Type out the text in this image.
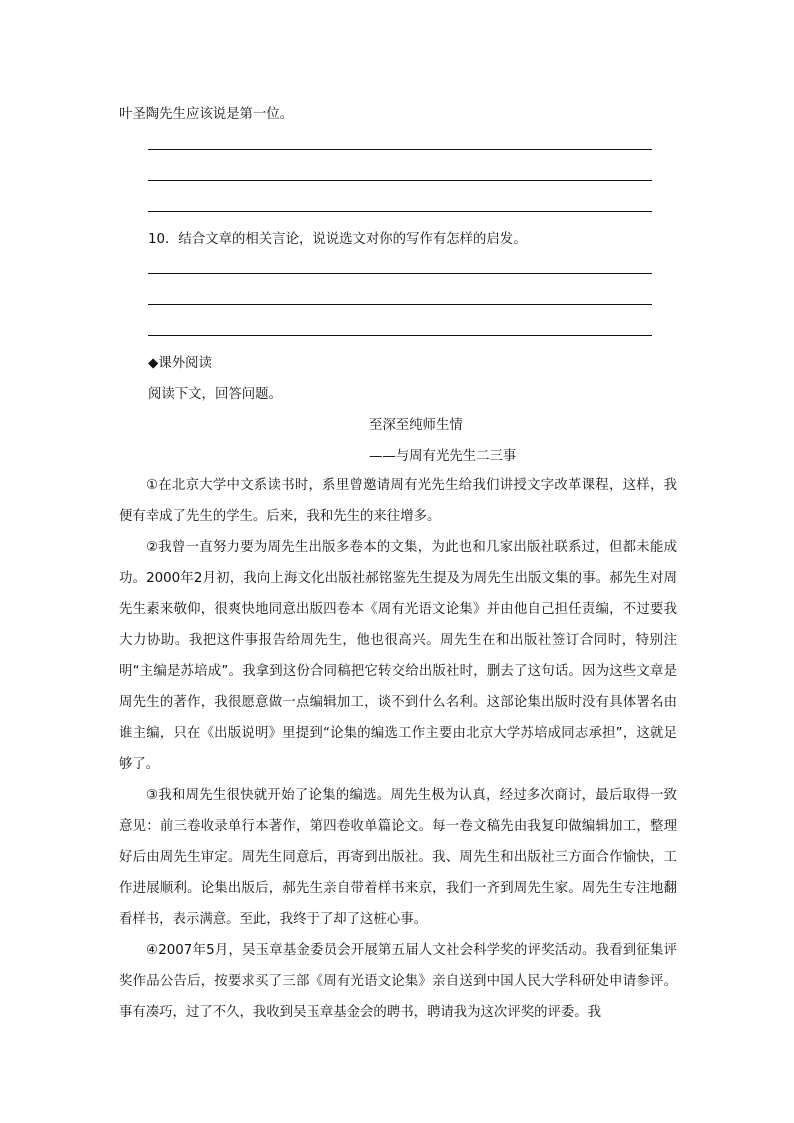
叶圣陶先生应该说是第一位。
10．结合文章的相关言论，说说选文对你的写作有怎样的启发。
◆课外阅读
阅读下文，回答问题。
至深至纯师生情
——与周有光先生二三事
①在北京大学中文系读书时，系里曾邀请周有光先生给我们讲授文字改革课程，这样，我便有幸成了先生的学生。后来，我和先生的来往增多。
②我曾一直努力要为周先生出版多卷本的文集，为此也和几家出版社联系过，但都未能成功。2000年2月初，我向上海文化出版社郝铭鉴先生提及为周先生出版文集的事。郝先生对周先生素来敬仰，很爽快地同意出版四卷本《周有光语文论集》并由他自己担任责编，不过要我大力协助。我把这件事报告给周先生，他也很高兴。周先生在和出版社签订合同时，特别注明“主编是苏培成”。我拿到这份合同稿把它转交给出版社时，删去了这句话。因为这些文章是周先生的著作，我很愿意做一点编辑加工，谈不到什么名利。这部论集出版时没有具体署名由谁主编，只在《出版说明》里提到“论集的编选工作主要由北京大学苏培成同志承担”，这就足够了。
③我和周先生很快就开始了论集的编选。周先生极为认真，经过多次商讨，最后取得一致意见：前三卷收录单行本著作，第四卷收单篇论文。每一卷文稿先由我复印做编辑加工，整理好后由周先生审定。周先生同意后，再寄到出版社。我、周先生和出版社三方面合作愉快，工作进展顺利。论集出版后，郝先生亲自带着样书来京，我们一齐到周先生家。周先生专注地翻看样书，表示满意。至此，我终于了却了这桩心事。
④2007年5月，吴玉章基金委员会开展第五届人文社会科学奖的评奖活动。我看到征集评奖作品公告后，按要求买了三部《周有光语文论集》亲自送到中国人民大学科研处申请参评。事有凑巧，过了不久，我收到吴玉章基金会的聘书，聘请我为这次评奖的评委。我
